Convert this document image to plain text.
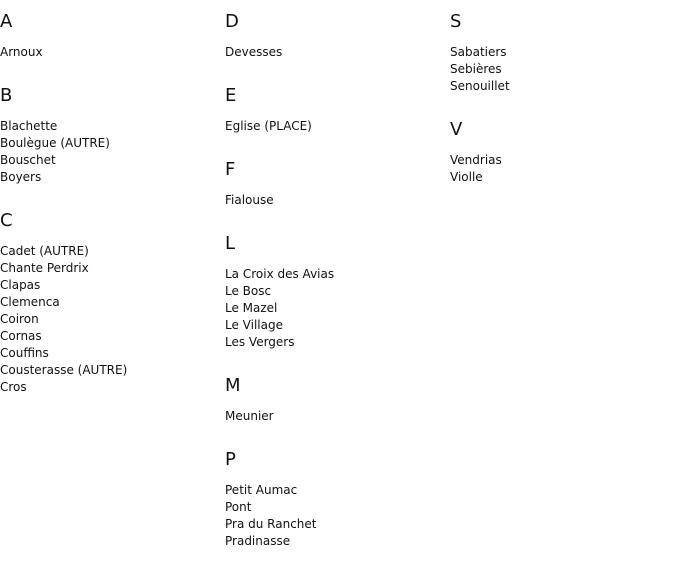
A
Arnoux
B
Blachette
Boulègue (AUTRE)
Bouschet
Boyers
C
Cadet (AUTRE)
Chante Perdrix
Clapas
Clemenca
Coiron
Cornas
Couffins
Cousterasse (AUTRE)
Cros
D
Devesses
E
Eglise (PLACE)
F
Fialouse
L
La Croix des Avias
Le Bosc
Le Mazel
Le Village
Les Vergers
M
Meunier
P
Petit Aumac
Pont
Pra du Ranchet
Pradinasse
S
Sabatiers
Sebières
Senouillet
V
Vendrias
Violle
